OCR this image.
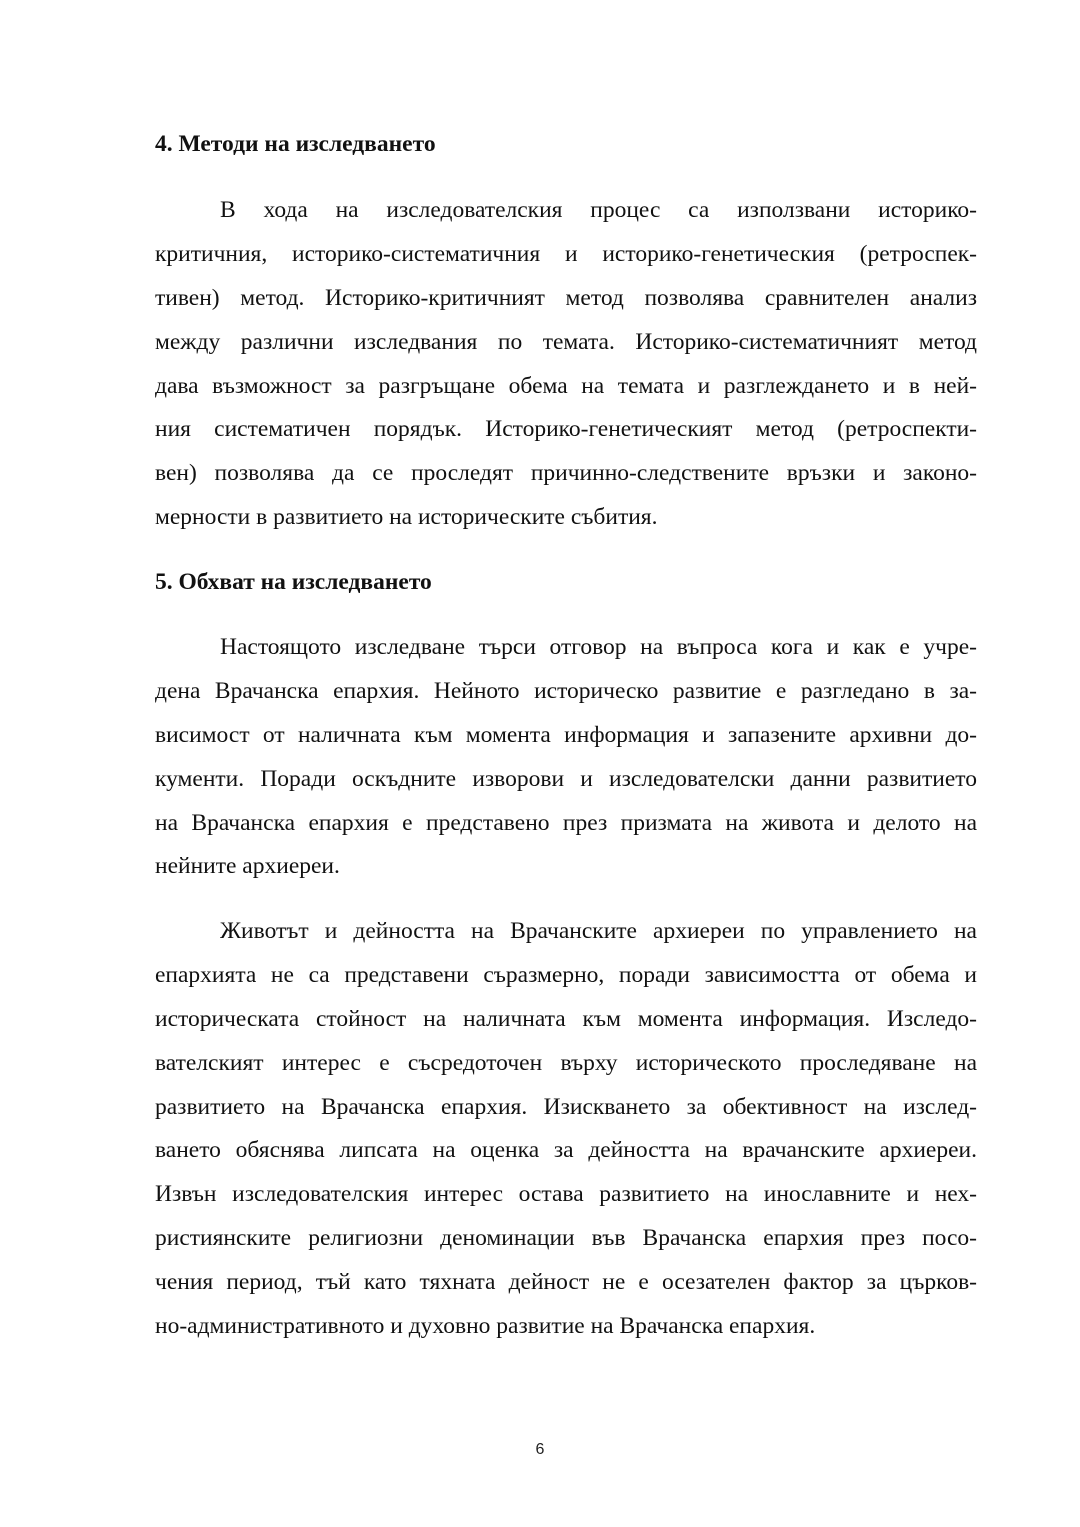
4. Методи на изследването
В хода на изследователския процес са използвани историко-
критичния, историко-систематичния и историко-генетическия (ретроспек-
тивен) метод. Историко-критичният метод позволява сравнителен анализ
между различни изследвания по темата. Историко-систематичният метод
дава възможност за разгръщане обема на темата и разглеждането и в ней-
ния систематичен порядък. Историко-генетическият метод (ретроспекти-
вен) позволява да се проследят причинно-следствените връзки и законо-
мерности в развитието на историческите събития.
5. Обхват на изследването
Настоящото изследване търси отговор на въпроса кога и как е учре-
дена Врачанска епархия. Нейното историческо развитие е разгледано в за-
висимост от наличната към момента информация и запазените архивни до-
кументи. Поради оскъдните изворови и изследователски данни развитието
на Врачанска епархия е представено през призмата на живота и делото на
нейните архиереи.
Животът и дейността на Врачанските архиереи по управлението на
епархията не са представени съразмерно, поради зависимостта от обема и
историческата стойност на наличната към момента информация. Изследо-
вателският интерес е съсредоточен върху историческото проследяване на
развитието на Врачанска епархия. Изискването за обективност на изслед-
ването обяснява липсата на оценка за дейността на врачанските архиереи.
Извън изследователския интерес остава развитието на инославните и нех-
ристиянските религиозни деноминации във Врачанска епархия през посо-
чения период, тъй като тяхната дейност не е осезателен фактор за църков-
но-административното и духовно развитие на Врачанска епархия.
6
